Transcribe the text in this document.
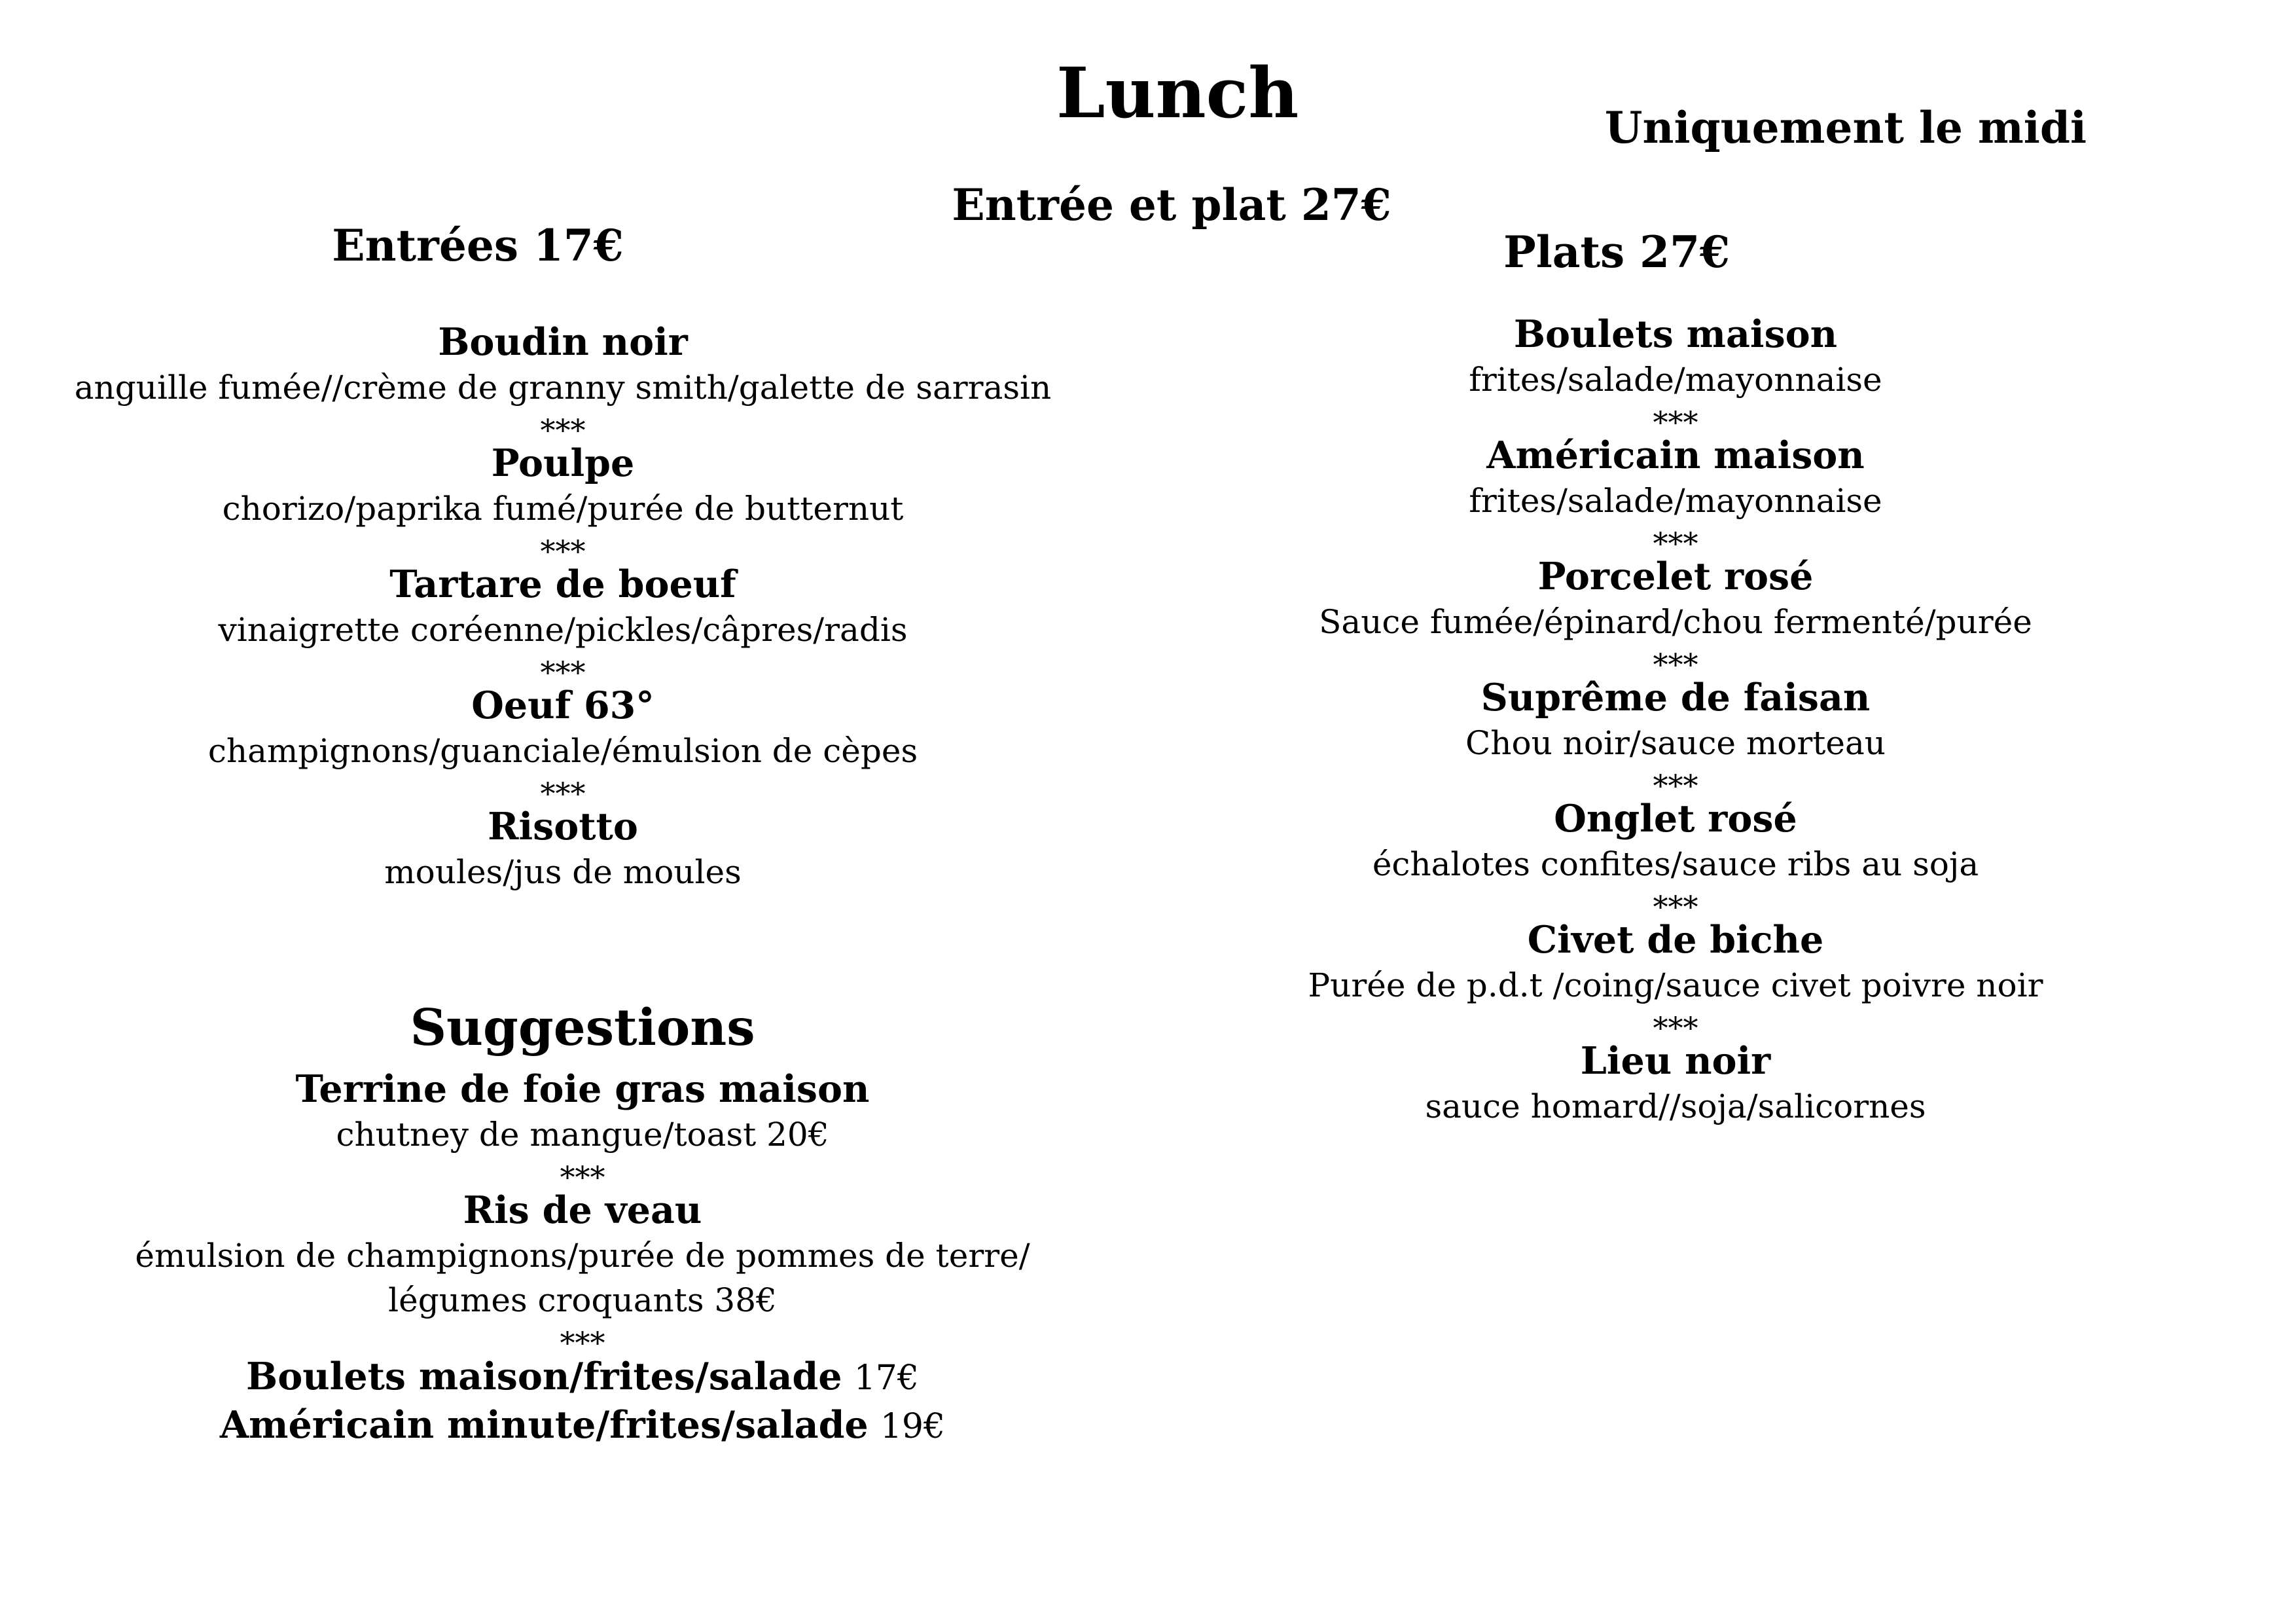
Lunch	Uniquement le midi
Entrée et plat 27€
Entrées 17€	Plats 27€
Boudin noir
anguille fumée//crème de granny smith/galette de sarrasin
***
Poulpe
chorizo/paprika fumé/purée de butternut
***
Tartare de boeuf
vinaigrette coréenne/pickles/câpres/radis
***
Oeuf 63°
champignons/guanciale/émulsion de cèpes
***
Risotto
moules/jus de moules
Boulets maison
frites/salade/mayonnaise
***
Américain maison
frites/salade/mayonnaise
***
Porcelet rosé
Sauce fumée/épinard/chou fermenté/purée
***
Suprême de faisan
Chou noir/sauce morteau
***
Onglet rosé
échalotes confites/sauce ribs au soja
***
Civet de biche
Purée de p.d.t /coing/sauce civet poivre noir
***
Lieu noir
sauce homard//soja/salicornes
Suggestions
Terrine de foie gras maison
chutney de mangue/toast 20€
***
Ris de veau
émulsion de champignons/purée de pommes de terre/
légumes croquants 38€
***
Boulets maison/frites/salade 17€
Américain minute/frites/salade 19€
